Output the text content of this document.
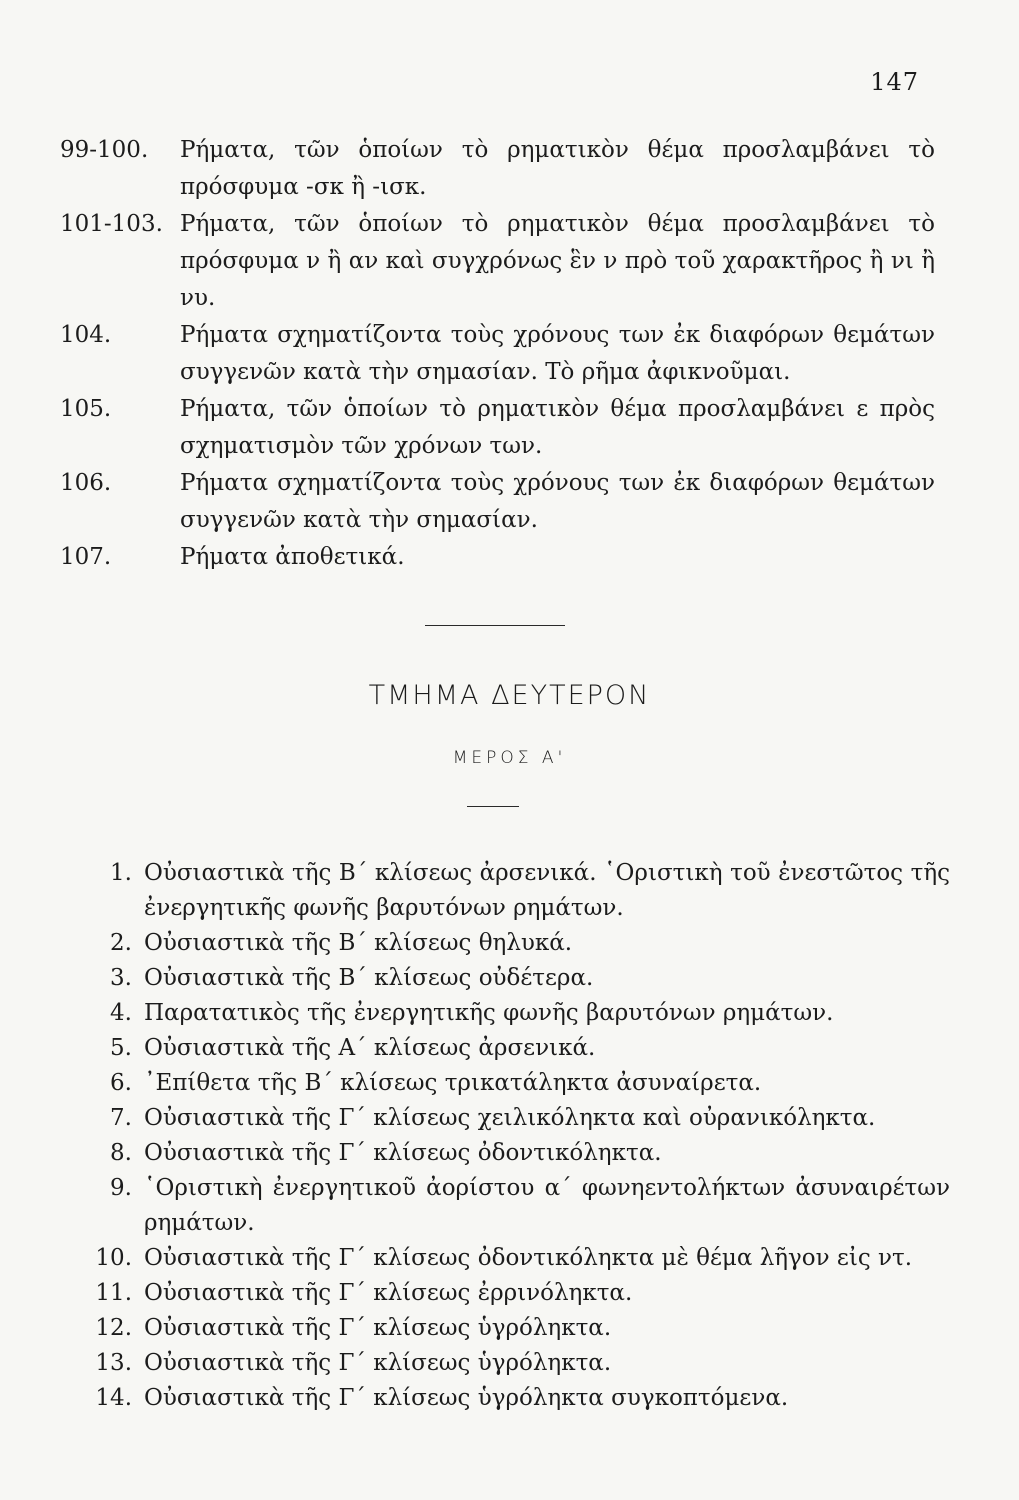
147
99-100.	Ρήματα, τῶν ὁποίων τὸ ρηματικὸν θέμα προσλαμβάνει τὸ πρόσφυμα -σκ ἢ -ισκ.
101-103. Ρήματα, τῶν ὁποίων τὸ ρηματικὸν θέμα προσλαμβάνει τὸ πρόσφυμα ν ἢ αν καὶ συγχρόνως ἓν ν πρὸ τοῦ χαρακτῆρος ἢ νι ἢ νυ.
104.	Ρήματα σχηματίζοντα τοὺς χρόνους των ἐκ διαφόρων θεμάτων συγγενῶν κατὰ τὴν σημασίαν. Τὸ ρῆμα ἀφικνοῦμαι.
105.	Ρήματα, τῶν ὁποίων τὸ ρηματικὸν θέμα προσλαμβάνει ε πρὸς σχηματισμὸν τῶν χρόνων των.
106.	Ρήματα σχηματίζοντα τοὺς χρόνους των ἐκ διαφόρων θεμάτων συγγενῶν κατὰ τὴν σημασίαν.
107.	Ρήματα ἀποθετικά.
ΤΜΗΜΑ ΔΕΥΤΕΡΟΝ
ΜΕΡΟΣ Α'
1. Οὐσιαστικὰ τῆς Β΄ κλίσεως ἀρσενικά. ῾Οριστικὴ τοῦ ἐνεστῶτος τῆς ἐνεργητικῆς φωνῆς βαρυτόνων ρημάτων.
2. Οὐσιαστικὰ τῆς Β΄ κλίσεως θηλυκά.
3. Οὐσιαστικὰ τῆς Β΄ κλίσεως οὐδέτερα.
4. Παρατατικὸς τῆς ἐνεργητικῆς φωνῆς βαρυτόνων ρημάτων.
5. Οὐσιαστικὰ τῆς Α΄ κλίσεως ἀρσενικά.
6. ᾿Επίθετα τῆς Β΄ κλίσεως τρικατάληκτα ἀσυναίρετα.
7. Οὐσιαστικὰ τῆς Γ΄ κλίσεως χειλικόληκτα καὶ οὐρανικόληκτα.
8. Οὐσιαστικὰ τῆς Γ΄ κλίσεως ὀδοντικόληκτα.
9. ῾Οριστικὴ ἐνεργητικοῦ ἀορίστου α΄ φωνηεντολήκτων ἀσυναιρέτων ρημάτων.
10. Οὐσιαστικὰ τῆς Γ΄ κλίσεως ὀδοντικόληκτα μὲ θέμα λῆγον εἰς ντ.
11. Οὐσιαστικὰ τῆς Γ΄ κλίσεως ἐρρινόληκτα.
12. Οὐσιαστικὰ τῆς Γ΄ κλίσεως ὑγρόληκτα.
13. Οὐσιαστικὰ τῆς Γ΄ κλίσεως ὑγρόληκτα.
14. Οὐσιαστικὰ τῆς Γ΄ κλίσεως ὑγρόληκτα συγκοπτόμενα.
